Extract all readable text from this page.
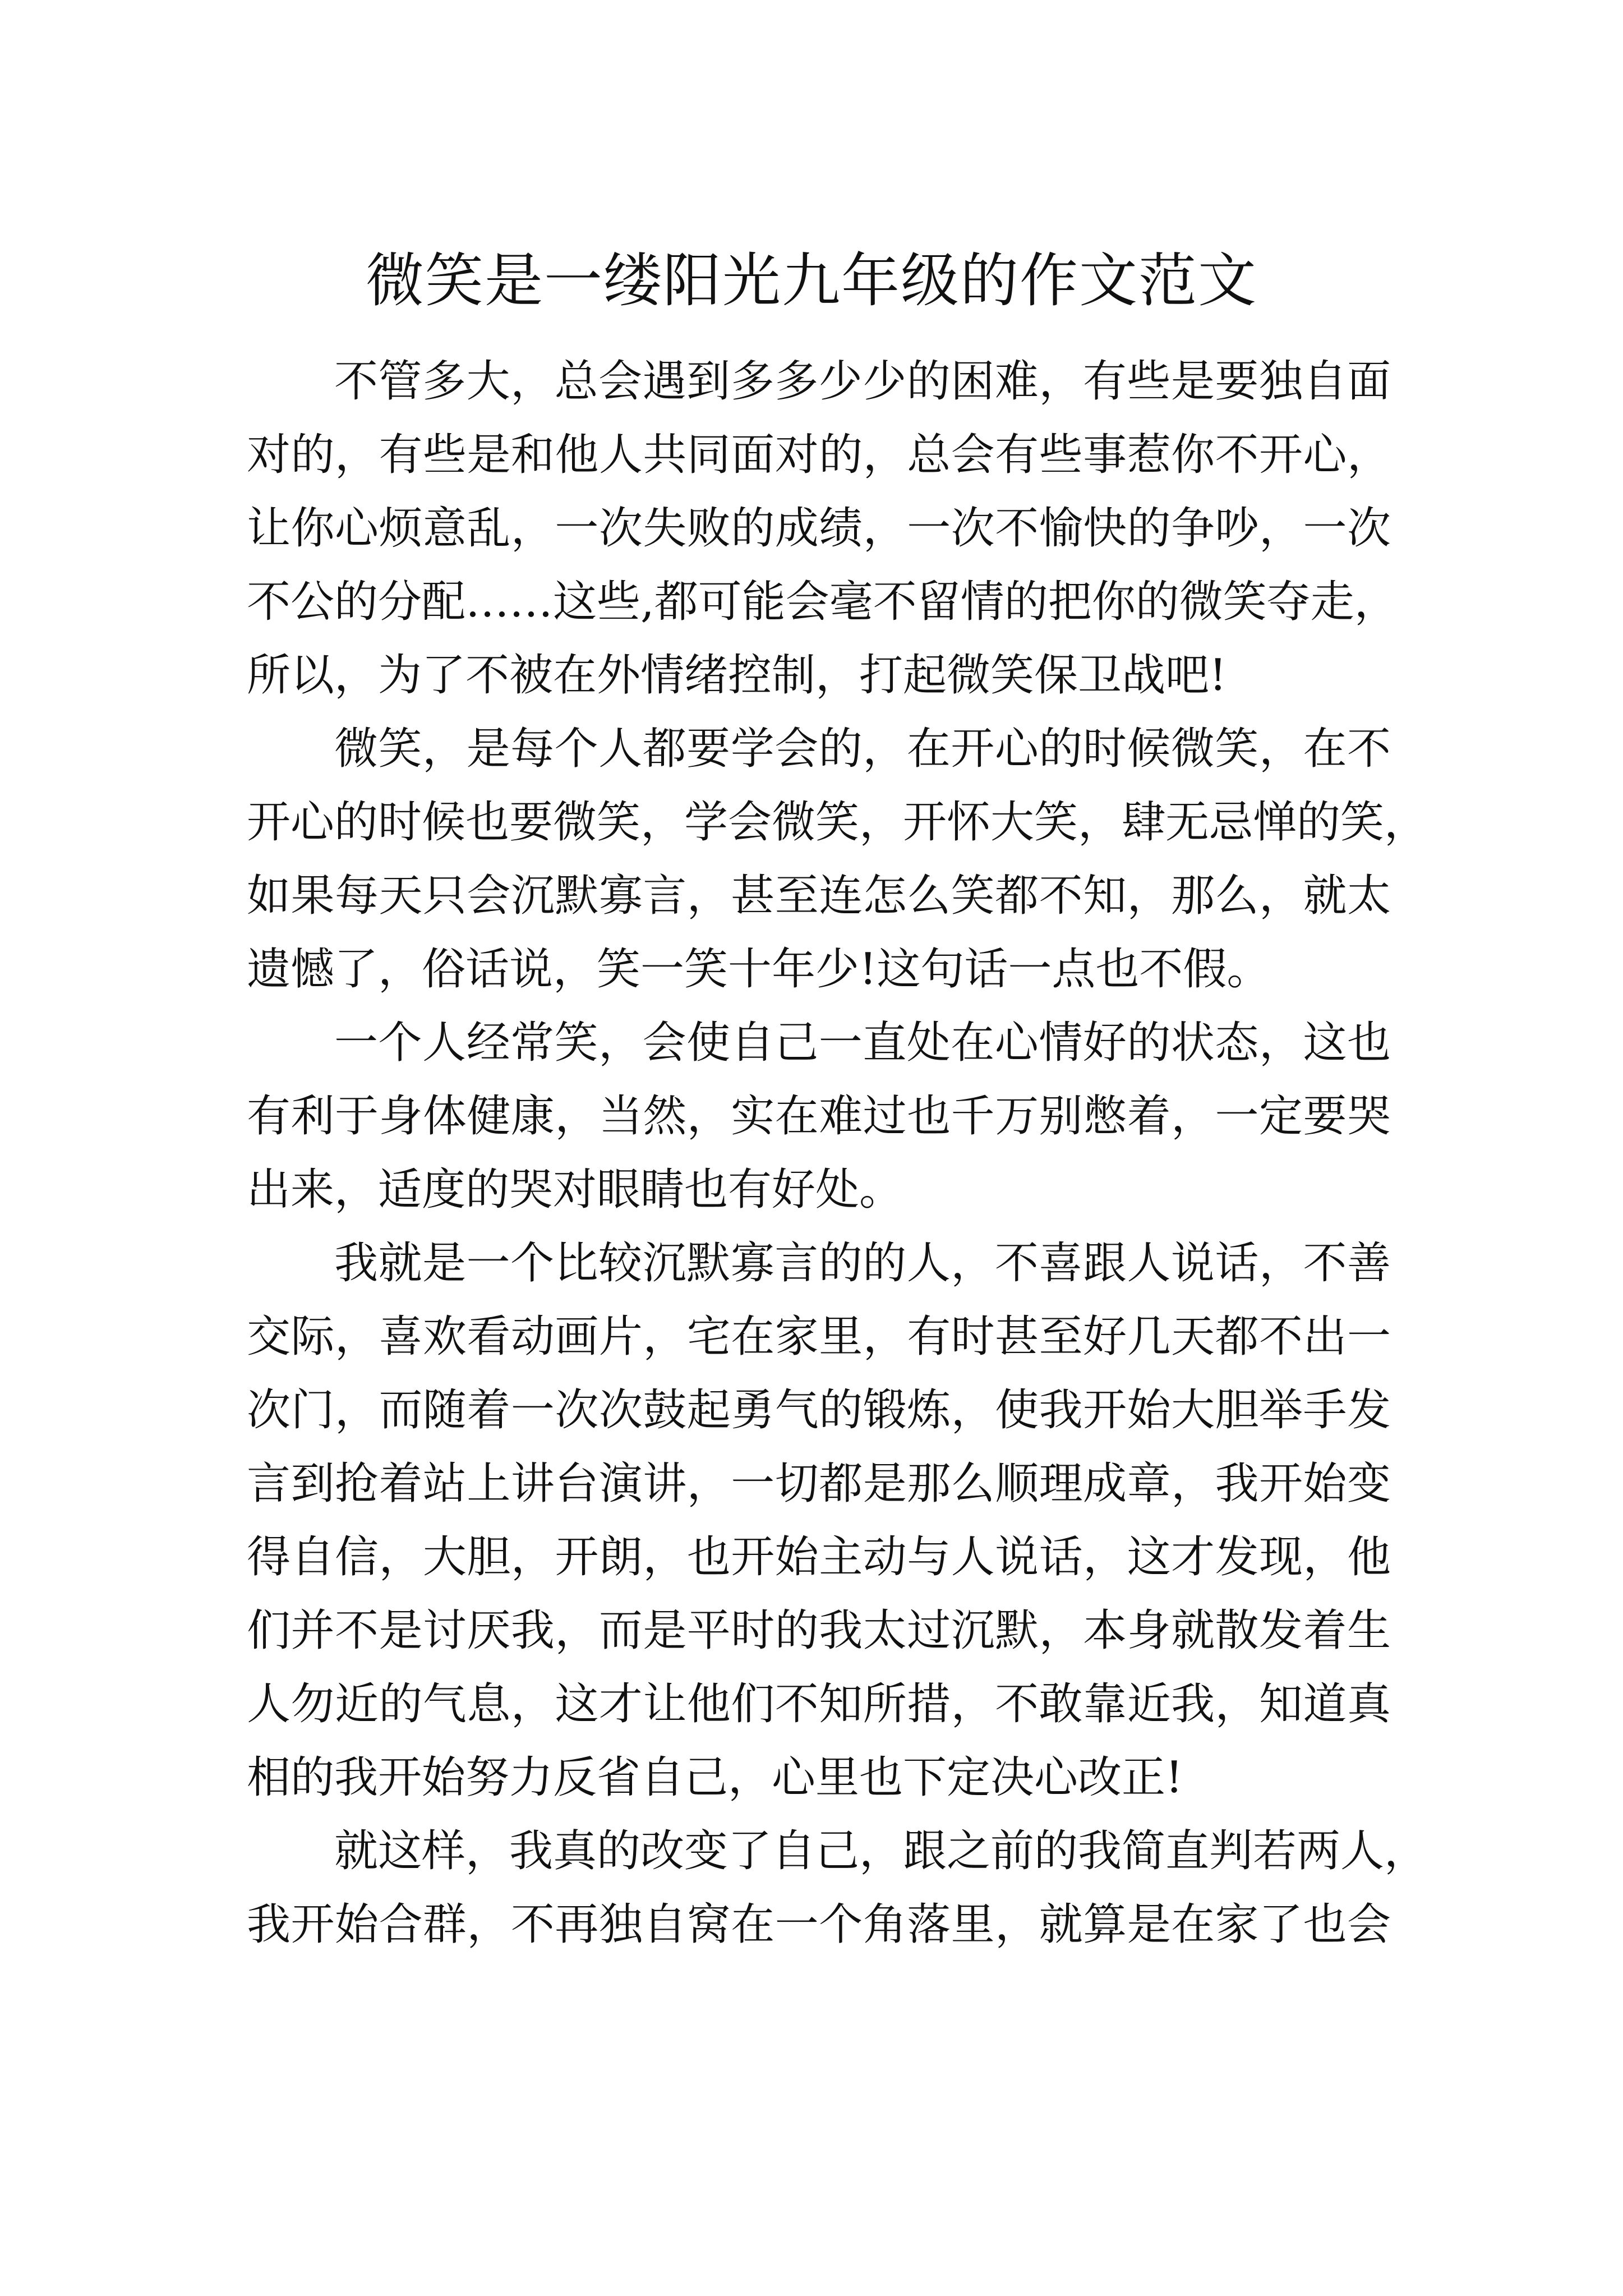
微笑是一缕阳光九年级的作文范文
不管多大，总会遇到多多少少的困难，有些是要独自面
对的，有些是和他人共同面对的，总会有些事惹你不开心，
让你心烦意乱，一次失败的成绩，一次不愉快的争吵，一次
不公的分配……这些,都可能会毫不留情的把你的微笑夺走，
所以，为了不被在外情绪控制，打起微笑保卫战吧!
微笑，是每个人都要学会的，在开心的时候微笑，在不
开心的时候也要微笑，学会微笑，开怀大笑，肆无忌惮的笑，
如果每天只会沉默寡言，甚至连怎么笑都不知，那么，就太
遗憾了，俗话说，笑一笑十年少!这句话一点也不假。
一个人经常笑，会使自己一直处在心情好的状态，这也
有利于身体健康，当然，实在难过也千万别憋着，一定要哭
出来，适度的哭对眼睛也有好处。
我就是一个比较沉默寡言的的人，不喜跟人说话，不善
交际，喜欢看动画片，宅在家里，有时甚至好几天都不出一
次门，而随着一次次鼓起勇气的锻炼，使我开始大胆举手发
言到抢着站上讲台演讲，一切都是那么顺理成章，我开始变
得自信，大胆，开朗，也开始主动与人说话，这才发现，他
们并不是讨厌我，而是平时的我太过沉默，本身就散发着生
人勿近的气息，这才让他们不知所措，不敢靠近我，知道真
相的我开始努力反省自己，心里也下定决心改正!
就这样，我真的改变了自己，跟之前的我简直判若两人，
我开始合群，不再独自窝在一个角落里，就算是在家了也会
